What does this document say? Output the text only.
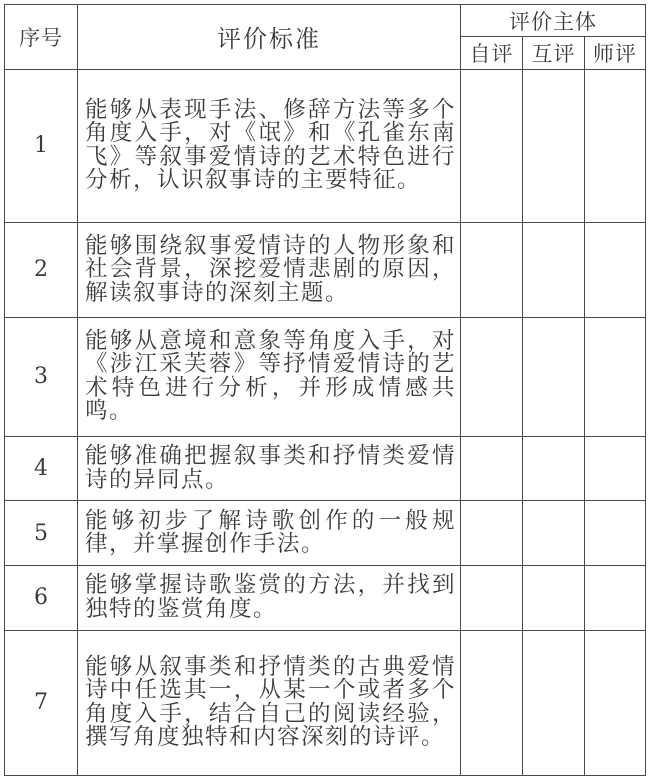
序号	评价标准	评价主体		
		自评	互评	师评
1	能够从表现手法、修辞方法等多个角度入手，对《氓》和《孔雀东南飞》等叙事爱情诗的艺术特色进行分析，认识叙事诗的主要特征。			
2	能够围绕叙事爱情诗的人物形象和社会背景，深挖爱情悲剧的原因，解读叙事诗的深刻主题。			
3	能够从意境和意象等角度入手，对《涉江采芙蓉》等抒情爱情诗的艺术特色进行分析，并形成情感共鸣。			
4	能够准确把握叙事类和抒情类爱情诗的异同点。			
5	能够初步了解诗歌创作的一般规律，并掌握创作手法。			
6	能够掌握诗歌鉴赏的方法，并找到独特的鉴赏角度。			
7	能够从叙事类和抒情类的古典爱情诗中任选其一，从某一个或者多个角度入手，结合自己的阅读经验，撰写角度独特和内容深刻的诗评。			
